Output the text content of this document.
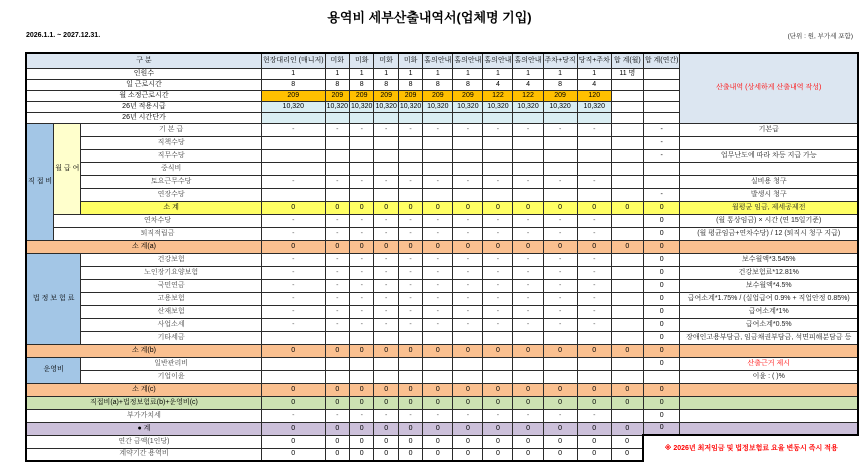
용역비 세부산출내역서(업체명 기입)
2026.1.1. ~ 2027.12.31.	(단위 : 원, 부가세 포함)
구 분			현장대리인 (매니저)	미화	미화	미화	미화	홀의안내	홀의안내	홀의안내	홀의안내	주차+당직	당직+주차	합 계(월)	합 계(연간)	산출내역 (상세하게 산출내역 작성)
인원수			1	1	1	1	1	1	1	1	1	1	1	11 명		
일 근로시간			8	8	8	8	8	8	8	4	4	8	4			
월 소정근로시간			209	209	209	209	209	209	209	122	122	209	120			
26년 적용시급			10,320	10,320	10,320	10,320	10,320	10,320	10,320	10,320	10,320	10,320	10,320			
26년 시간단가																
직 접 비	월 급 여	기 본 급	-	-	-	-	-	-	-	-	-	-	-		-	기본급
		직책수당													-	
		직무수당													-	업무난도에 따라 차등 지급 가능
		중식비														
		토요근무수당	-	-	-	-	-	-	-	-	-	-	-			실비용 청구
		연장수당													-	발생시 청구
		소 계	0	0	0	0	0	0	0	0	0	0	0	0	0	월평균 임금, 제세공제전
	연차수당		-	-	-	-	-	-	-	-	-	-	-		0	(월 통상임금) × 시간 (연 15일기준)
	퇴직적립금		-	-	-	-	-	-	-	-	-	-	-		0	(월 평균임금+연차수당) / 12 (퇴직시 청구 지급)
소 계(a)			0	0	0	0	0	0	0	0	0	0	0	0	0	
법 정 보 험 료		건강보험	-	-	-	-	-	-	-	-	-	-	-		0	보수월액*3.545%
		노인장기요양보험	-	-	-	-	-	-	-	-	-	-	-		0	건강보험료*12.81%
		국민연금	-	-	-	-	-	-	-	-	-	-	-		0	보수월액*4.5%
		고용보험	-	-	-	-	-	-	-	-	-	-	-		0	급여소계*1.75% / (실업급여 0.9% + 직업안정 0.85%)
		산재보험	-	-	-	-	-	-	-	-	-	-	-		0	급여소계*1%
		사업소세	-	-	-	-	-	-	-	-	-	-	-		0	급여소계*0.5%
		기타세금													0	장애인고용부담금, 임금채권부담금, 석면피해분담금 등
소 계(b)			0	0	0	0	0	0	0	0	0	0	0	0	0	
운영비		일반관리비													0	산출근거 제시
		기업이윤														이윤 : ( )%
소 계(c)			0	0	0	0	0	0	0	0	0	0	0	0	0	
직접비(a)+법정보험료(b)+운영비(c)			0	0	0	0	0	0	0	0	0	0	0	0	0	
부가가치세			-	-	-	-	-	-	-	-	-	-	-		0	
● 계			0	0	0	0	0	0	0	0	0	0	0	0	0	
연간 금액(1인당)			0	0	0	0	0	0	0	0	0	0	0	0	※ 2026년 최저임금 및 법정보험료 요율 변동시 즉시 적용	
계약기간 용역비			0	0	0	0	0	0	0	0	0	0	0	0		
